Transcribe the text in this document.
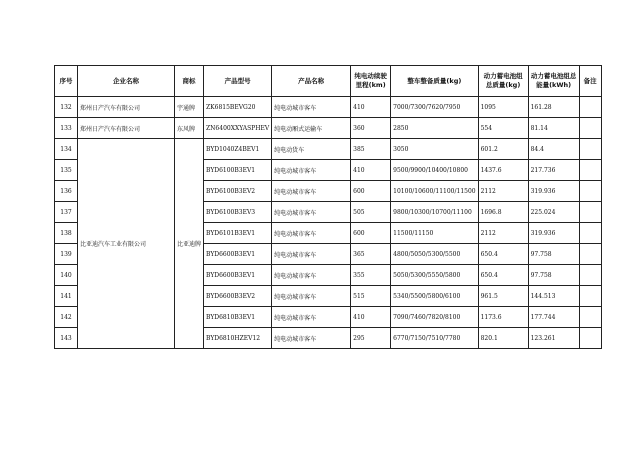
序号	企业名称	商标	产品型号	产品名称	纯电动续驶里程(km)	整车整备质量(kg)	动力蓄电池组总质量(kg)	动力蓄电池组总能量(kWh)	备注
132	郑州日产汽车有限公司	宇通牌	ZK6815BEVG20	纯电动城市客车	410	7000/7300/7620/7950	1095	161.28	
133	郑州日产汽车有限公司	东风牌	ZN6400XXYASPHEV	纯电动厢式运输车	360	2850	554	81.14	
134	比亚迪汽车工业有限公司	比亚迪牌	BYD1040Z4BEV1	纯电动货车	385	3050	601.2	84.4	
135			BYD6100B3EV1	纯电动城市客车	410	9500/9900/10400/10800	1437.6	217.736	
136			BYD6100B3EV2	纯电动城市客车	600	10100/10600/11100/11500	2112	319.936	
137			BYD6100B3EV3	纯电动城市客车	505	9800/10300/10700/11100	1696.8	225.024	
138			BYD6101B3EV1	纯电动城市客车	600	11500/11150	2112	319.936	
139			BYD6600B3EV1	纯电动城市客车	365	4800/5050/5300/5500	650.4	97.758	
140			BYD6600B3EV1	纯电动城市客车	355	5050/5300/5550/5800	650.4	97.758	
141			BYD6600B3EV2	纯电动城市客车	515	5340/5500/5800/6100	961.5	144.513	
142			BYD6810B3EV1	纯电动城市客车	410	7090/7460/7820/8100	1173.6	177.744	
143			BYD6810HZEV12	纯电动城市客车	295	6770/7150/7510/7780	820.1	123.261	
